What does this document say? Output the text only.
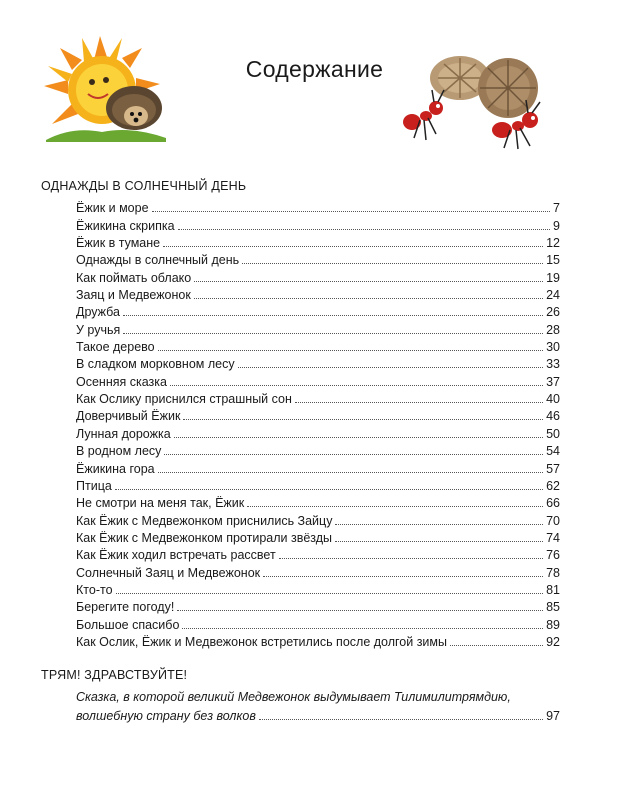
Содержание
ОДНАЖДЫ В СОЛНЕЧНЫЙ ДЕНЬ
Ёжик и море	7
Ёжикина скрипка	9
Ёжик в тумане	12
Однажды в солнечный день	15
Как поймать облако	19
Заяц и Медвежонок	24
Дружба	26
У ручья	28
Такое дерево	30
В сладком морковном лесу	33
Осенняя сказка	37
Как Ослику приснился страшный сон	40
Доверчивый Ёжик	46
Лунная дорожка	50
В родном лесу	54
Ёжикина гора	57
Птица	62
Не смотри на меня так, Ёжик	66
Как Ёжик с Медвежонком приснились Зайцу	70
Как Ёжик с Медвежонком протирали звёзды	74
Как Ёжик ходил встречать рассвет	76
Солнечный Заяц и Медвежонок	78
Кто-то	81
Берегите погоду!	85
Большое спасибо	89
Как Ослик, Ёжик и Медвежонок встретились после долгой зимы	92
ТРЯМ! ЗДРАВСТВУЙТЕ!
Сказка, в которой великий Медвежонок выдумывает Тилимилитрямдию,
волшебную страну без волков	97
